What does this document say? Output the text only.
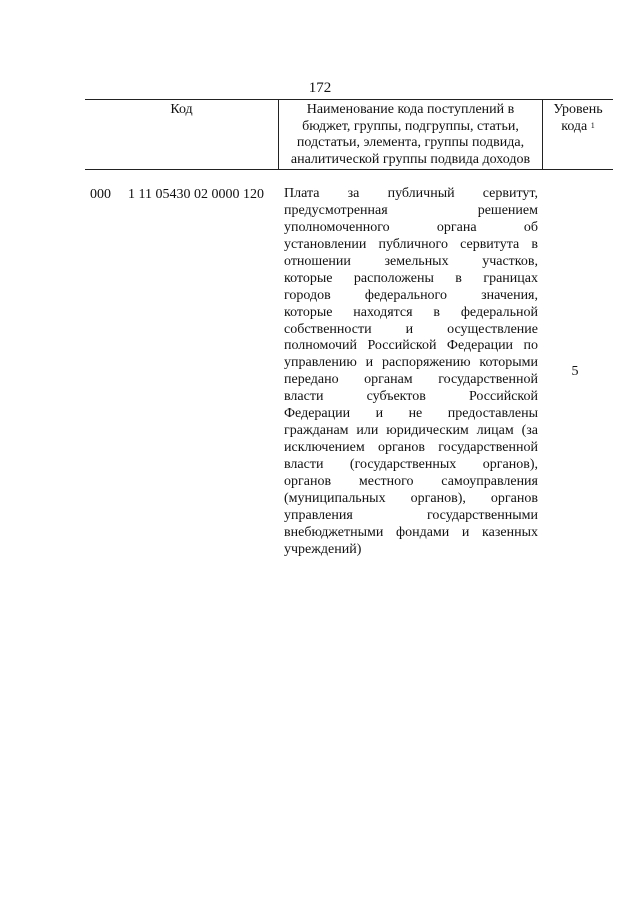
172
Код	Наименование кода поступлений в
бюджет, группы, подгруппы, статьи,
подстатьи, элемента, группы подвида,
аналитической группы подвида доходов
Уровень
кода $^1$
000 1 11 05430 02 0000 120 Плата за публичный сервитут,
предусмотренная решением
уполномоченного органа об
установлении публичного сервитута в
отношении земельных участков,
которые расположены в границах
городов федерального значения,
которые находятся в федеральной
собственности и осуществление
полномочий Российской Федерации по
управлению и распоряжению которыми
передано органам государственной
власти субъектов Российской
Федерации и не предоставлены
гражданам или юридическим лицам (за
исключением органов государственной
власти (государственных органов),
органов местного самоуправления
(муниципальных органов), органов
управления государственными
внебюджетными фондами и казенных
учреждений)
5
